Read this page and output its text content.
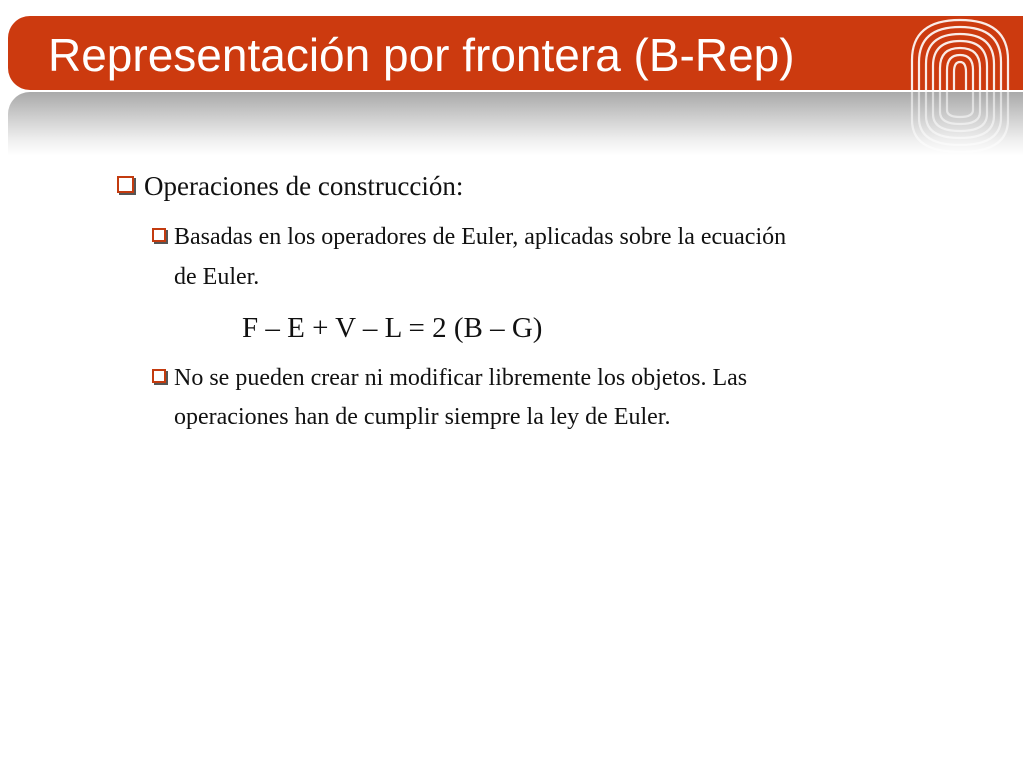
Representación por frontera (B-Rep)
Operaciones de construcción:
Basadas en los operadores de Euler, aplicadas sobre la ecuación
de Euler.
F – E + V – L = 2 (B – G)
No se pueden crear ni modificar libremente los objetos. Las
operaciones han de cumplir siempre la ley de Euler.
